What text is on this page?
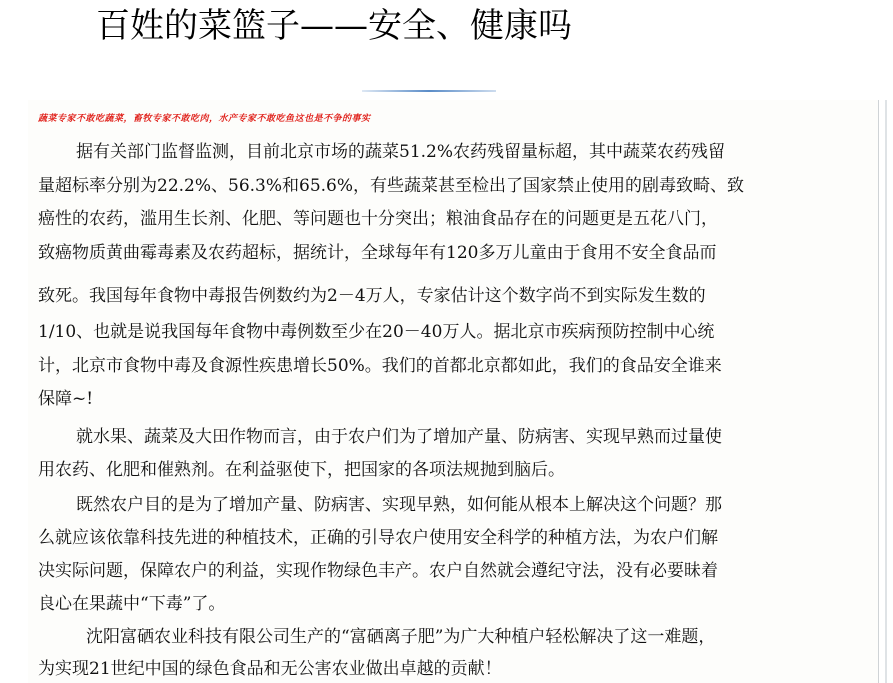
百姓的菜篮子——安全、健康吗
蔬菜专家不敢吃蔬菜，畜牧专家不敢吃肉，水产专家不敢吃鱼这也是不争的事实
据有关部门监督监测，目前北京市场的蔬菜51.2%农药残留量标超，其中蔬菜农药残留
量超标率分别为22.2%、56.3%和65.6%，有些蔬菜甚至检出了国家禁止使用的剧毒致畸、致
癌性的农药，滥用生长剂、化肥、等问题也十分突出；粮油食品存在的问题更是五花八门，
致癌物质黄曲霉毒素及农药超标，据统计，全球每年有120多万儿童由于食用不安全食品而
致死。我国每年食物中毒报告例数约为2－4万人，专家估计这个数字尚不到实际发生数的
1/10、也就是说我国每年食物中毒例数至少在20－40万人。据北京市疾病预防控制中心统
计，北京市食物中毒及食源性疾患增长50%。我们的首都北京都如此，我们的食品安全谁来
保障~!
就水果、蔬菜及大田作物而言，由于农户们为了增加产量、防病害、实现早熟而过量使
用农药、化肥和催熟剂。在利益驱使下，把国家的各项法规抛到脑后。
既然农户目的是为了增加产量、防病害、实现早熟，如何能从根本上解决这个问题？那
么就应该依靠科技先进的种植技术，正确的引导农户使用安全科学的种植方法，为农户们解
决实际问题，保障农户的利益，实现作物绿色丰产。农户自然就会遵纪守法，没有必要昧着
良心在果蔬中“下毒”了。
沈阳富硒农业科技有限公司生产的“富硒离子肥”为广大种植户轻松解决了这一难题，
为实现21世纪中国的绿色食品和无公害农业做出卓越的贡献！
